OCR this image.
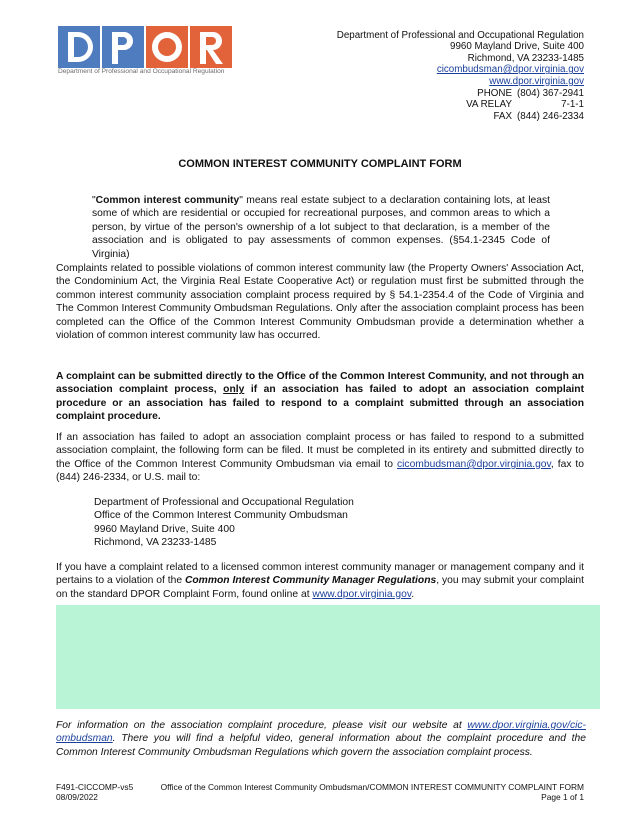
Department of Professional and Occupational Regulation
Department of Professional and Occupational Regulation
9960 Mayland Drive, Suite 400
Richmond, VA 23233-1485
cicombudsman@dpor.virginia.gov
www.dpor.virginia.gov
PHONE (804) 367-2941
VA RELAY	7-1-1
FAX (844) 246-2334
COMMON INTEREST COMMUNITY COMPLAINT FORM
"Common interest community" means real estate subject to a declaration containing lots, at least some of which are residential or occupied for recreational purposes, and common areas to which a person, by virtue of the person's ownership of a lot subject to that declaration, is a member of the association and is obligated to pay assessments of common expenses. (§54.1-2345 Code of Virginia)
Complaints related to possible violations of common interest community law (the Property Owners' Association Act, the Condominium Act, the Virginia Real Estate Cooperative Act) or regulation must first be submitted through the common interest community association complaint process required by § 54.1-2354.4 of the Code of Virginia and The Common Interest Community Ombudsman Regulations. Only after the association complaint process has been completed can the Office of the Common Interest Community Ombudsman provide a determination whether a violation of common interest community law has occurred.
A complaint can be submitted directly to the Office of the Common Interest Community, and not through an association complaint process, only if an association has failed to adopt an association complaint procedure or an association has failed to respond to a complaint submitted through an association complaint procedure.
If an association has failed to adopt an association complaint process or has failed to respond to a submitted association complaint, the following form can be filed. It must be completed in its entirety and submitted directly to the Office of the Common Interest Community Ombudsman via email to cicombudsman@dpor.virginia.gov, fax to (844) 246-2334, or U.S. mail to:
Department of Professional and Occupational Regulation
Office of the Common Interest Community Ombudsman
9960 Mayland Drive, Suite 400
Richmond, VA 23233-1485
If you have a complaint related to a licensed common interest community manager or management company and it pertains to a violation of the Common Interest Community Manager Regulations, you may submit your complaint on the standard DPOR Complaint Form, found online at www.dpor.virginia.gov.
For information on the association complaint procedure, please visit our website at www.dpor.virginia.gov/cic-ombudsman. There you will find a helpful video, general information about the complaint procedure and the Common Interest Community Ombudsman Regulations which govern the association complaint process.
F491-CICCOMP-vs5
08/09/2022
Office of the Common Interest Community Ombudsman/COMMON INTEREST COMMUNITY COMPLAINT FORM
Page 1 of 1
